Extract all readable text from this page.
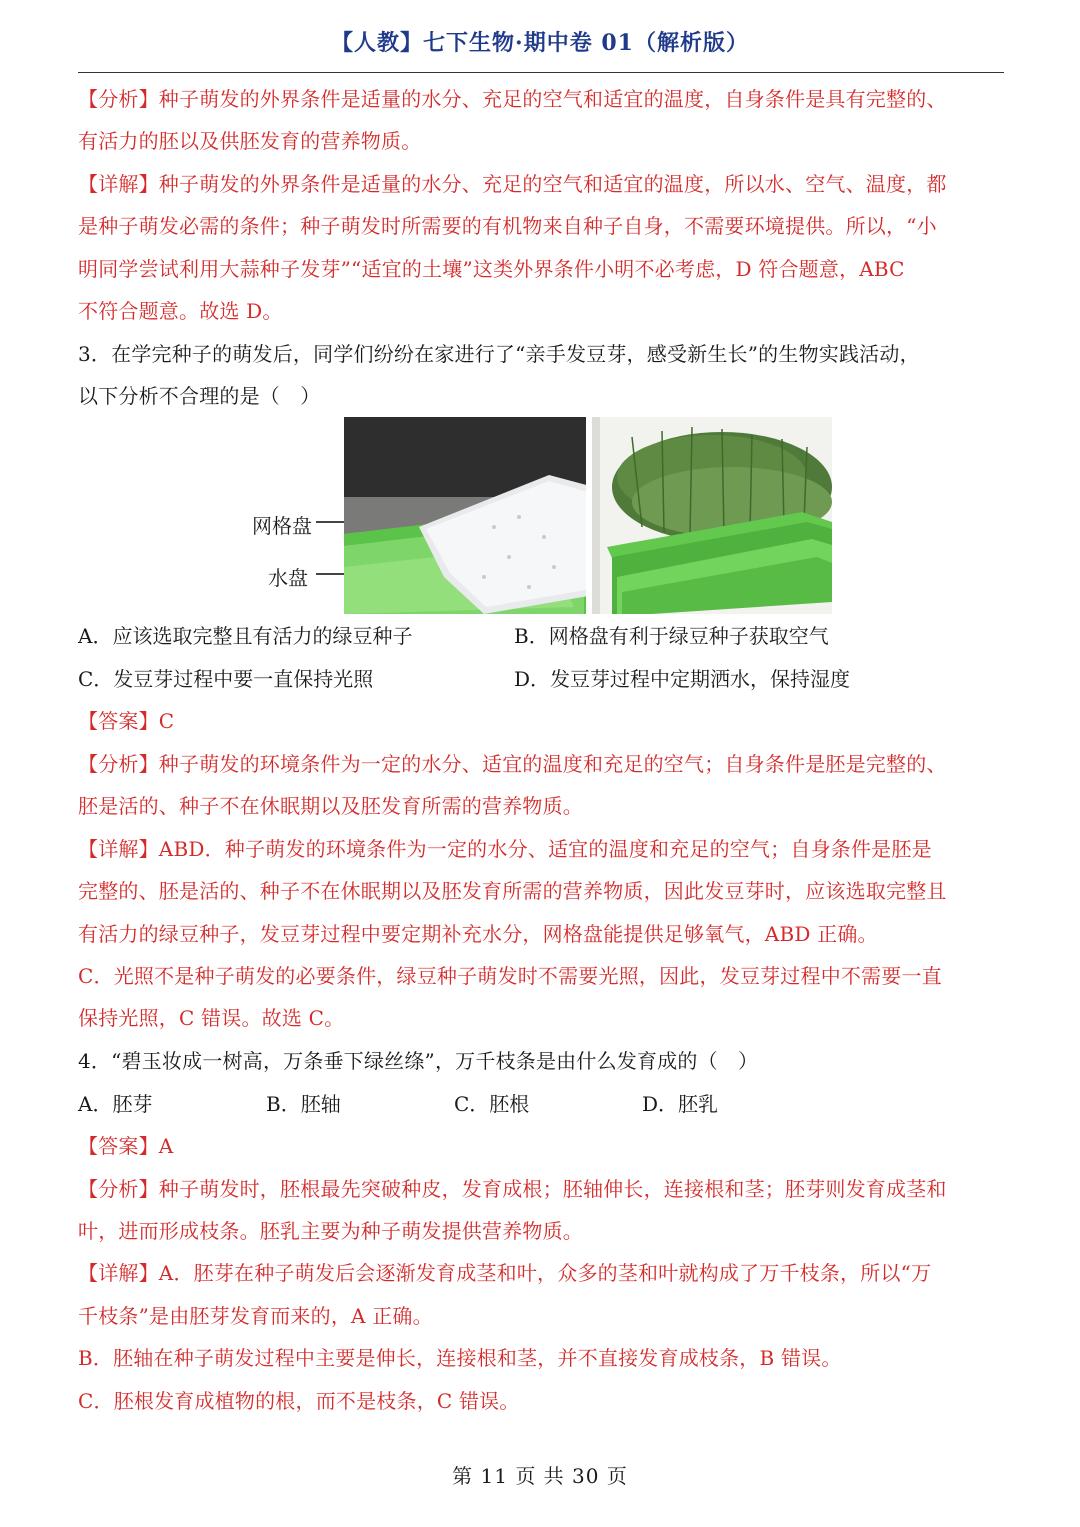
【人教】七下生物·期中卷 01（解析版）
【分析】种子萌发的外界条件是适量的水分、充足的空气和适宜的温度，自身条件是具有完整的、
有活力的胚以及供胚发育的营养物质。
【详解】种子萌发的外界条件是适量的水分、充足的空气和适宜的温度，所以水、空气、温度，都
是种子萌发必需的条件；种子萌发时所需要的有机物来自种子自身，不需要环境提供。所以，“小
明同学尝试利用大蒜种子发芽”“适宜的土壤”这类外界条件小明不必考虑，D 符合题意，ABC
不符合题意。故选 D。
3．在学完种子的萌发后，同学们纷纷在家进行了“亲手发豆芽，感受新生长”的生物实践活动，
以下分析不合理的是（　）
网格盘
水盘
A．应该选取完整且有活力的绿豆种子	B．网格盘有利于绿豆种子获取空气
C．发豆芽过程中要一直保持光照	D．发豆芽过程中定期洒水，保持湿度
【答案】C
【分析】种子萌发的环境条件为一定的水分、适宜的温度和充足的空气；自身条件是胚是完整的、
胚是活的、种子不在休眠期以及胚发育所需的营养物质。
【详解】ABD．种子萌发的环境条件为一定的水分、适宜的温度和充足的空气；自身条件是胚是
完整的、胚是活的、种子不在休眠期以及胚发育所需的营养物质，因此发豆芽时，应该选取完整且
有活力的绿豆种子，发豆芽过程中要定期补充水分，网格盘能提供足够氧气，ABD 正确。
C．光照不是种子萌发的必要条件，绿豆种子萌发时不需要光照，因此，发豆芽过程中不需要一直
保持光照，C 错误。故选 C。
4．“碧玉妆成一树高，万条垂下绿丝绦”，万千枝条是由什么发育成的（　）
A．胚芽	B．胚轴	C．胚根	D．胚乳
【答案】A
【分析】种子萌发时，胚根最先突破种皮，发育成根；胚轴伸长，连接根和茎；胚芽则发育成茎和
叶，进而形成枝条。胚乳主要为种子萌发提供营养物质。
【详解】A．胚芽在种子萌发后会逐渐发育成茎和叶，众多的茎和叶就构成了万千枝条，所以“万
千枝条”是由胚芽发育而来的，A 正确。
B．胚轴在种子萌发过程中主要是伸长，连接根和茎，并不直接发育成枝条，B 错误。
C．胚根发育成植物的根，而不是枝条，C 错误。
第 11 页 共 30 页
